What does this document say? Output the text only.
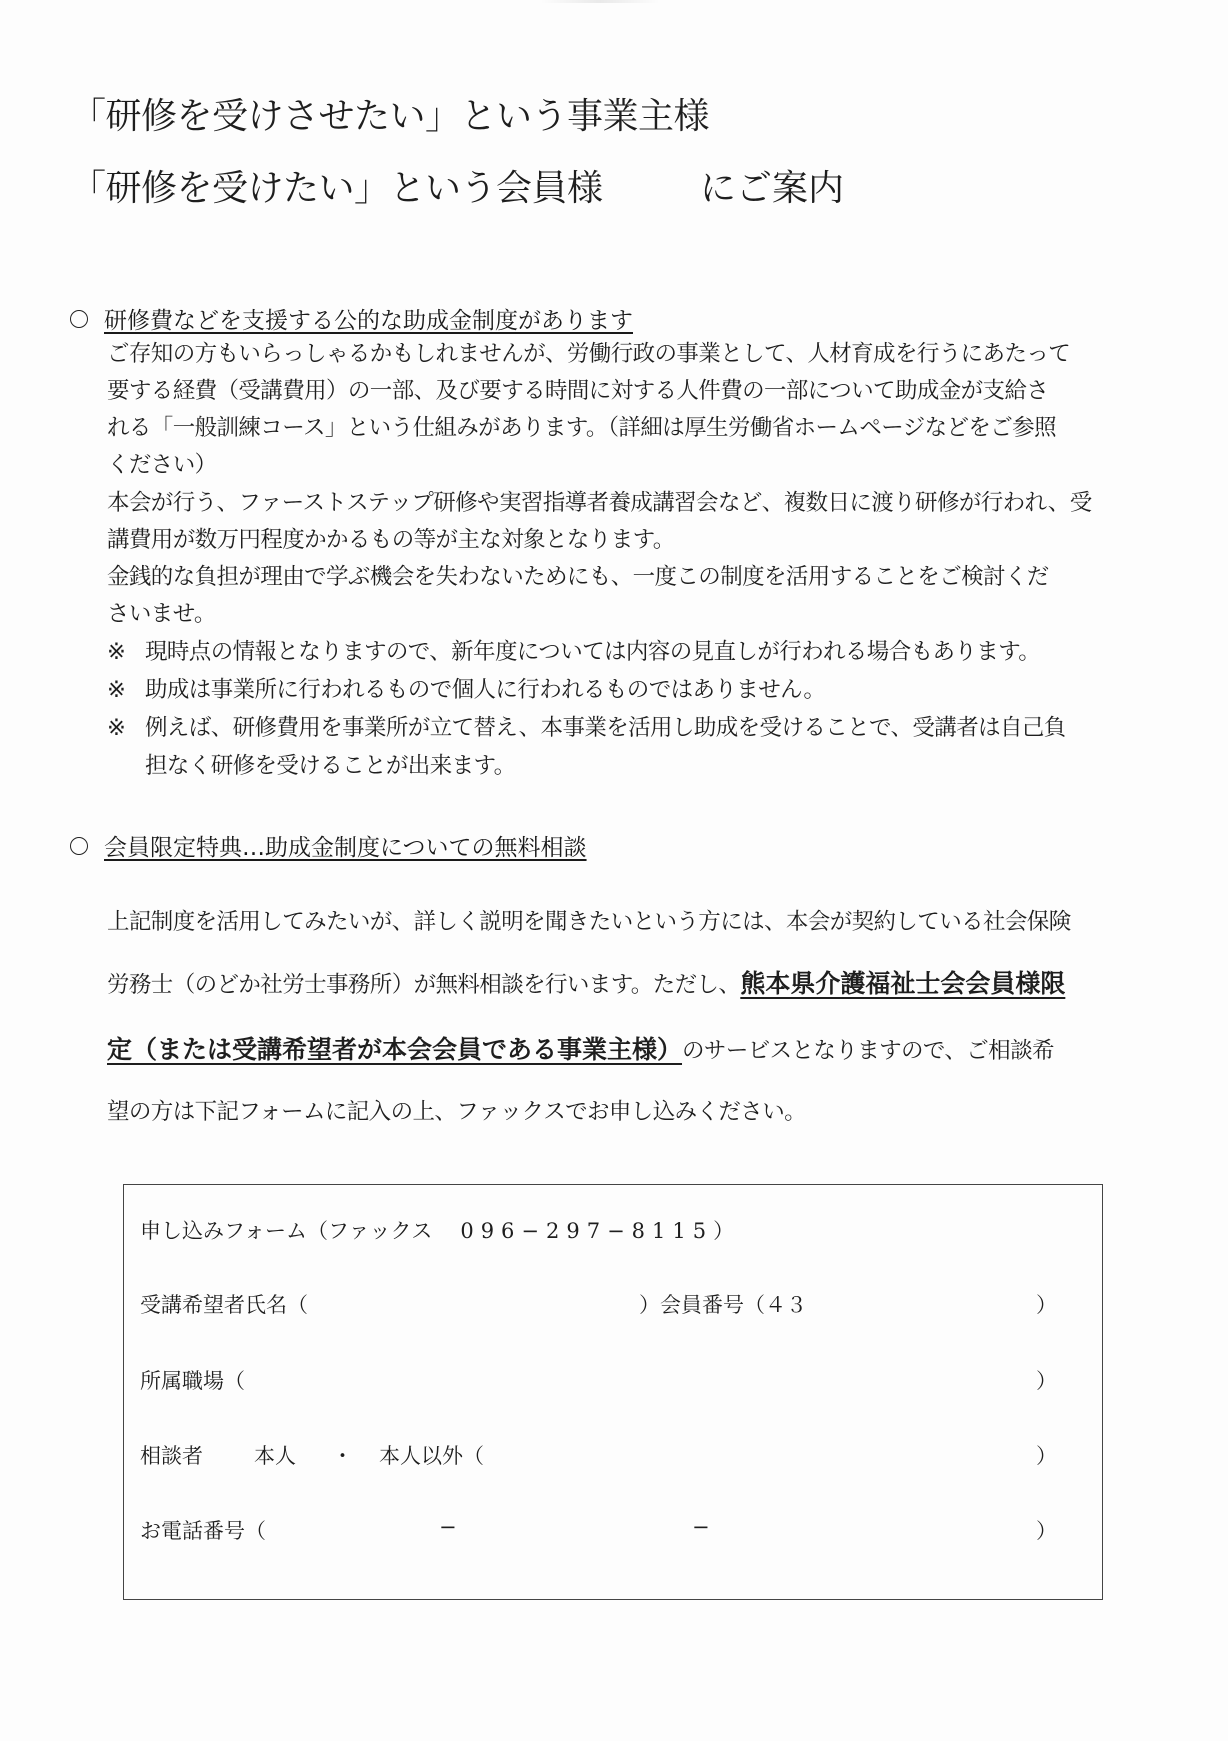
「研修を受けさせたい」という事業主様
「研修を受けたい」という会員様	にご案内
研修費などを支援する公的な助成金制度があります
ご存知の方もいらっしゃるかもしれませんが、労働行政の事業として、人材育成を行うにあたって
要する経費（受講費用）の一部、及び要する時間に対する人件費の一部について助成金が支給さ
れる「一般訓練コース」という仕組みがあります。（詳細は厚生労働省ホームページなどをご参照
ください）
本会が行う、ファーストステップ研修や実習指導者養成講習会など、複数日に渡り研修が行われ、受
講費用が数万円程度かかるもの等が主な対象となります。
金銭的な負担が理由で学ぶ機会を失わないためにも、一度この制度を活用することをご検討くだ
さいませ。
※ 現時点の情報となりますので、新年度については内容の見直しが行われる場合もあります。
※ 助成は事業所に行われるもので個人に行われるものではありません。
※ 例えば、研修費用を事業所が立て替え、本事業を活用し助成を受けることで、受講者は自己負
担なく研修を受けることが出来ます。
会員限定特典…助成金制度についての無料相談
上記制度を活用してみたいが、詳しく説明を聞きたいという方には、本会が契約している社会保険
労務士（のどか社労士事務所）が無料相談を行います。ただし、熊本県介護福祉士会会員様限
定（または受講希望者が本会会員である事業主様）のサービスとなりますので、ご相談希
望の方は下記フォームに記入の上、ファックスでお申し込みください。
申し込みフォーム（ファックス 096−297−8115）
受講希望者氏名（	）会員番号（４３	）
所属職場（	）
相談者 本人 ・ 本人以外（	）
お電話番号（	−	−	）
